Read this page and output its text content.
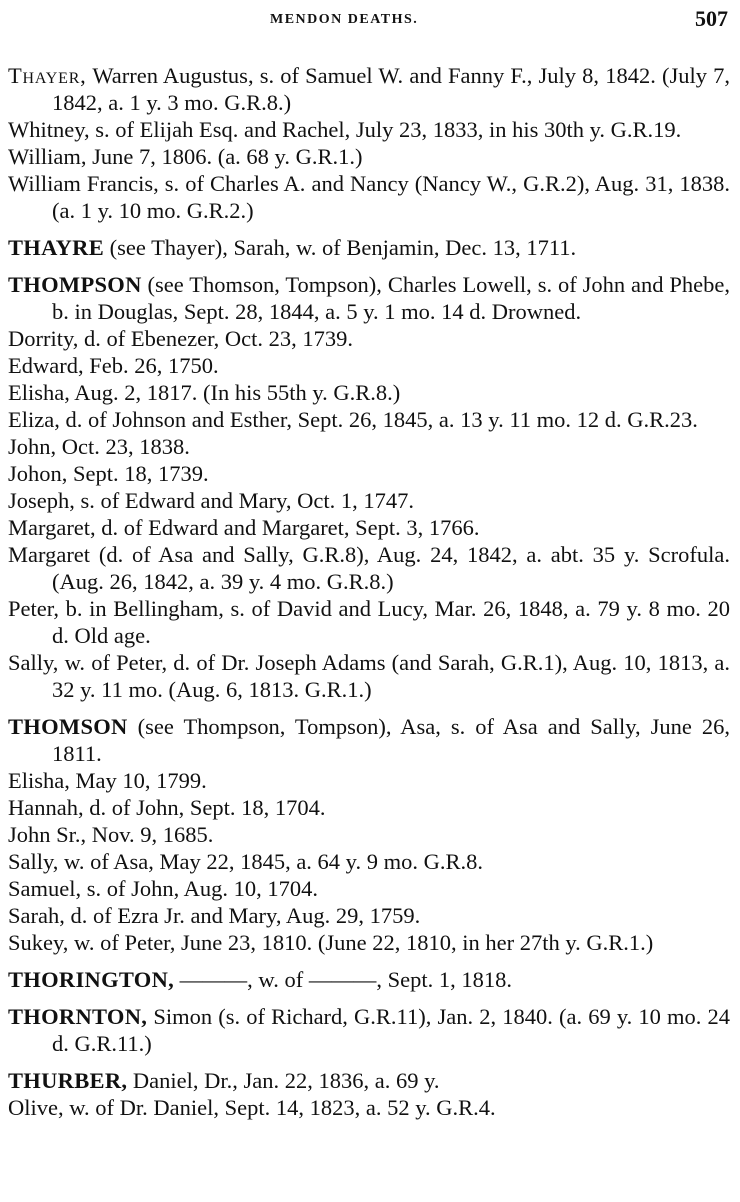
MENDON DEATHS.	507
Thayer, Warren Augustus, s. of Samuel W. and Fanny F., July 8, 1842. (July 7, 1842, a. 1 y. 3 mo. G.R.8.)
Whitney, s. of Elijah Esq. and Rachel, July 23, 1833, in his 30th y. G.R.19.
William, June 7, 1806. (a. 68 y. G.R.1.)
William Francis, s. of Charles A. and Nancy (Nancy W., G.R.2), Aug. 31, 1838. (a. 1 y. 10 mo. G.R.2.)
THAYRE (see Thayer), Sarah, w. of Benjamin, Dec. 13, 1711.
THOMPSON (see Thomson, Tompson), Charles Lowell, s. of John and Phebe, b. in Douglas, Sept. 28, 1844, a. 5 y. 1 mo. 14 d. Drowned.
Dorrity, d. of Ebenezer, Oct. 23, 1739.
Edward, Feb. 26, 1750.
Elisha, Aug. 2, 1817. (In his 55th y. G.R.8.)
Eliza, d. of Johnson and Esther, Sept. 26, 1845, a. 13 y. 11 mo. 12 d. G.R.23.
John, Oct. 23, 1838.
Johon, Sept. 18, 1739.
Joseph, s. of Edward and Mary, Oct. 1, 1747.
Margaret, d. of Edward and Margaret, Sept. 3, 1766.
Margaret (d. of Asa and Sally, G.R.8), Aug. 24, 1842, a. abt. 35 y. Scrofula. (Aug. 26, 1842, a. 39 y. 4 mo. G.R.8.)
Peter, b. in Bellingham, s. of David and Lucy, Mar. 26, 1848, a. 79 y. 8 mo. 20 d. Old age.
Sally, w. of Peter, d. of Dr. Joseph Adams (and Sarah, G.R.1), Aug. 10, 1813, a. 32 y. 11 mo. (Aug. 6, 1813. G.R.1.)
THOMSON (see Thompson, Tompson), Asa, s. of Asa and Sally, June 26, 1811.
Elisha, May 10, 1799.
Hannah, d. of John, Sept. 18, 1704.
John Sr., Nov. 9, 1685.
Sally, w. of Asa, May 22, 1845, a. 64 y. 9 mo. G.R.8.
Samuel, s. of John, Aug. 10, 1704.
Sarah, d. of Ezra Jr. and Mary, Aug. 29, 1759.
Sukey, w. of Peter, June 23, 1810. (June 22, 1810, in her 27th y. G.R.1.)
THORINGTON, ———, w. of ———, Sept. 1, 1818.
THORNTON, Simon (s. of Richard, G.R.11), Jan. 2, 1840. (a. 69 y. 10 mo. 24 d. G.R.11.)
THURBER, Daniel, Dr., Jan. 22, 1836, a. 69 y.
Olive, w. of Dr. Daniel, Sept. 14, 1823, a. 52 y. G.R.4.
